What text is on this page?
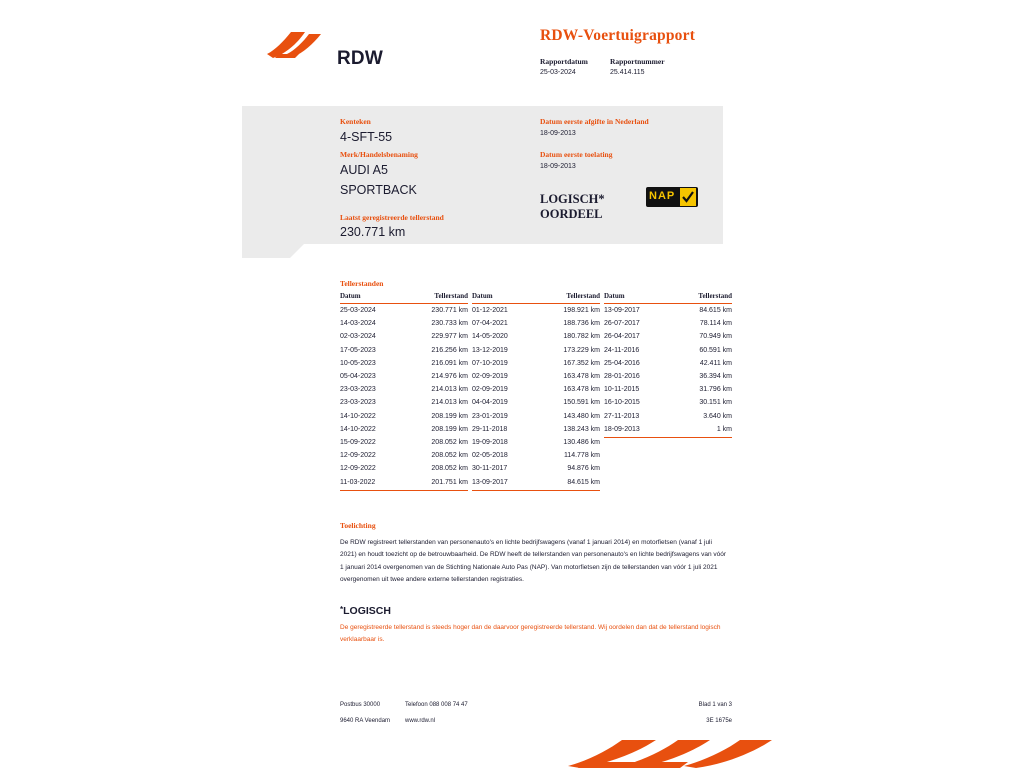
RDW
RDW-Voertuigrapport
Rapportdatum
25-03-2024
Rapportnummer
25.414.115
Kenteken
4-SFT-55
Merk/Handelsbenaming
AUDI A5
SPORTBACK
Laatst geregistreerde tellerstand
230.771 km
Datum eerste afgifte in Nederland
18-09-2013
Datum eerste toelating
18-09-2013
LOGISCH*
OORDEEL
NAP
Tellerstanden
Datum	Tellerstand
25-03-2024	230.771 km
14-03-2024	230.733 km
02-03-2024	229.977 km
17-05-2023	216.256 km
10-05-2023	216.091 km
05-04-2023	214.976 km
23-03-2023	214.013 km
23-03-2023	214.013 km
14-10-2022	208.199 km
14-10-2022	208.199 km
15-09-2022	208.052 km
12-09-2022	208.052 km
12-09-2022	208.052 km
11-03-2022	201.751 km
Datum	Tellerstand
01-12-2021	198.921 km
07-04-2021	188.736 km
14-05-2020	180.782 km
13-12-2019	173.229 km
07-10-2019	167.352 km
02-09-2019	163.478 km
02-09-2019	163.478 km
04-04-2019	150.591 km
23-01-2019	143.480 km
29-11-2018	138.243 km
19-09-2018	130.486 km
02-05-2018	114.778 km
30-11-2017	94.876 km
13-09-2017	84.615 km
Datum	Tellerstand
13-09-2017	84.615 km
26-07-2017	78.114 km
26-04-2017	70.949 km
24-11-2016	60.591 km
25-04-2016	42.411 km
28-01-2016	36.394 km
10-11-2015	31.796 km
16-10-2015	30.151 km
27-11-2013	3.640 km
18-09-2013	1 km
Toelichting
De RDW registreert tellerstanden van personenauto's en lichte bedrijfswagens (vanaf 1 januari 2014) en motorfietsen (vanaf 1 juli 2021) en houdt toezicht op de betrouwbaarheid. De RDW heeft de tellerstanden van personenauto's en lichte bedrijfswagens van vóór 1 januari 2014 overgenomen van de Stichting Nationale Auto Pas (NAP). Van motorfietsen zijn de tellerstanden van vóór 1 juli 2021 overgenomen uit twee andere externe tellerstanden registraties.
*LOGISCH
De geregistreerde tellerstand is steeds hoger dan de daarvoor geregistreerde tellerstand. Wij oordelen dan dat de tellerstand logisch verklaarbaar is.
Postbus 30000
9640 RA Veendam
Telefoon 088 008 74 47
www.rdw.nl
Blad 1 van 3
3E 1675e
